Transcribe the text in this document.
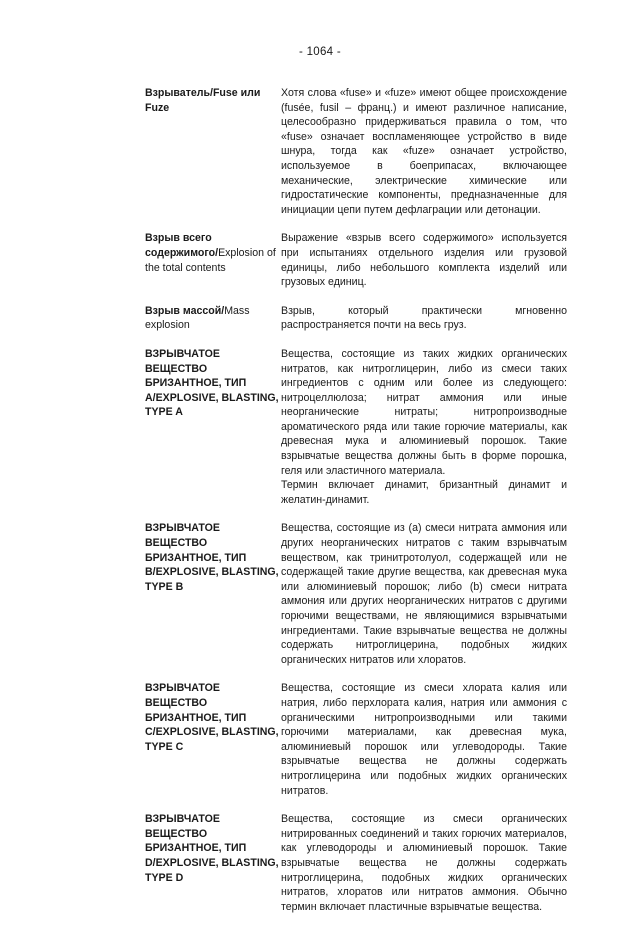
- 1064 -
Взрыватель/Fuse или Fuze

Хотя слова «fuse» и «fuze» имеют общее происхождение (fusée, fusil – франц.) и имеют различное написание, целесообразно придерживаться правила о том, что «fuse» означает воспламеняющее устройство в виде шнура, тогда как «fuze» означает устройство, используемое в боеприпасах, включающее механические, электрические химические или гидростатические компоненты, предназначенные для инициации цепи путем дефлаграции или детонации.

Взрыв всего содержимого/Explosion of the total contents

Выражение «взрыв всего содержимого» используется при испытаниях отдельного изделия или грузовой единицы, либо небольшого комплекта изделий или грузовых единиц.

Взрыв массой/Mass explosion

Взрыв, который практически мгновенно распространяется почти на весь груз.

ВЗРЫВЧАТОЕ ВЕЩЕСТВО БРИЗАНТНОЕ, ТИП A/EXPLOSIVE, BLASTING, TYPE A

Вещества, состоящие из таких жидких органических нитратов, как нитроглицерин, либо из смеси таких ингредиентов с одним или более из следующего: нитроцеллюлоза; нитрат аммония или иные неорганические нитраты; нитропроизводные ароматического ряда или такие горючие материалы, как древесная мука и алюминиевый порошок. Такие взрывчатые вещества должны быть в форме порошка, геля или эластичного материала.

Термин включает динамит, бризантный динамит и желатин-динамит.

ВЗРЫВЧАТОЕ ВЕЩЕСТВО БРИЗАНТНОЕ, ТИП B/EXPLOSIVE, BLASTING, TYPE B

Вещества, состоящие из (a) смеси нитрата аммония или других неорганических нитратов с таким взрывчатым веществом, как тринитротолуол, содержащей или не содержащей такие другие вещества, как древесная мука или алюминиевый порошок; либо (b) смеси нитрата аммония или других неорганических нитратов с другими горючими веществами, не являющимися взрывчатыми ингредиентами. Такие взрывчатые вещества не должны содержать нитроглицерина, подобных жидких органических нитратов или хлоратов.

ВЗРЫВЧАТОЕ ВЕЩЕСТВО БРИЗАНТНОЕ, ТИП C/EXPLOSIVE, BLASTING, TYPE C

Вещества, состоящие из смеси хлората калия или натрия, либо перхлората калия, натрия или аммония с органическими нитропроизводными или такими горючими материалами, как древесная мука, алюминиевый порошок или углеводороды. Такие взрывчатые вещества не должны содержать нитроглицерина или подобных жидких органических нитратов.

ВЗРЫВЧАТОЕ ВЕЩЕСТВО БРИЗАНТНОЕ, ТИП D/EXPLOSIVE, BLASTING, TYPE D

Вещества, состоящие из смеси органических нитрированных соединений и таких горючих материалов, как углеводороды и алюминиевый порошок. Такие взрывчатые вещества не должны содержать нитроглицерина, подобных жидких органических нитратов, хлоратов или нитратов аммония. Обычно термин включает пластичные взрывчатые вещества.
